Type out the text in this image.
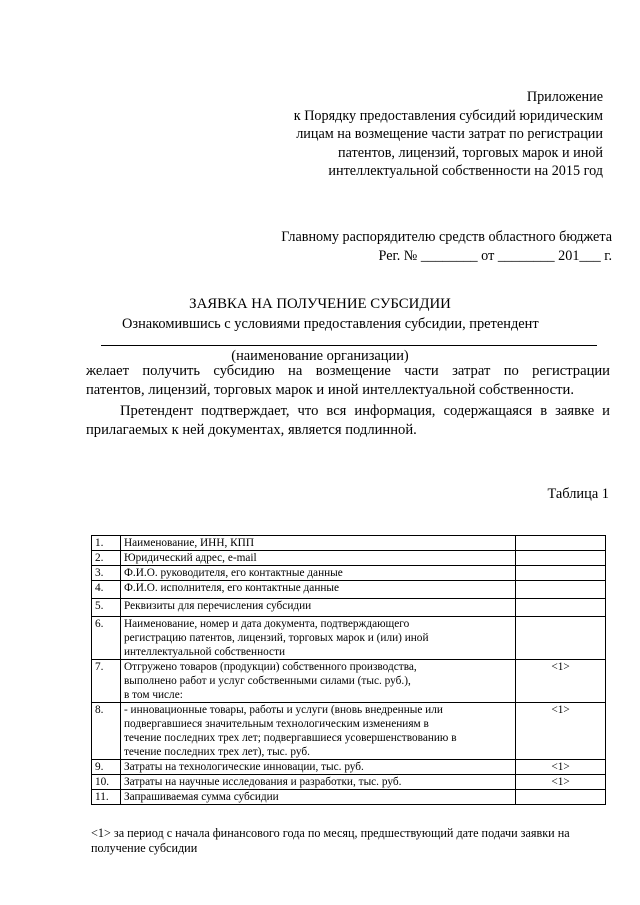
Приложение
к Порядку предоставления субсидий юридическим
лицам на возмещение части затрат по регистрации
патентов, лицензий, торговых марок и иной
интеллектуальной собственности на 2015 год
Главному распорядителю средств областного бюджета
Рег. № ________ от ________ 201___ г.
ЗАЯВКА НА ПОЛУЧЕНИЕ СУБСИДИИ
Ознакомившись с условиями предоставления субсидии, претендент
(наименование организации)
желает получить субсидию на возмещение части затрат по регистрации
патентов, лицензий, торговых марок и иной интеллектуальной собственности.
Претендент подтверждает, что вся информация, содержащаяся в заявке и
прилагаемых к ней документах, является подлинной.
Таблица 1
1.	Наименование, ИНН, КПП	

2.	Юридический адрес, e-mail	

3.	Ф.И.О. руководителя, его контактные данные	

4.	Ф.И.О. исполнителя, его контактные данные	

5.	Реквизиты для перечисления субсидии	

6.	Наименование, номер и дата документа, подтверждающего
регистрацию патентов, лицензий, торговых марок и (или) иной
интеллектуальной собственности	

7.	Отгружено товаров (продукции) собственного производства,
выполнено работ и услуг собственными силами (тыс. руб.),
в том числе:	<1>
8.	- инновационные товары, работы и услуги (вновь внедренные или
подвергавшиеся значительным технологическим изменениям в
течение последних трех лет; подвергавшиеся усовершенствованию в
течение последних трех лет), тыс. руб.	<1>
9.	Затраты на технологические инновации, тыс. руб.	<1>
10.	Затраты на научные исследования и разработки, тыс. руб.	<1>
11.	Запрашиваемая сумма субсидии	

<1> за период с начала финансового года по месяц, предшествующий дате подачи заявки на
получение субсидии
